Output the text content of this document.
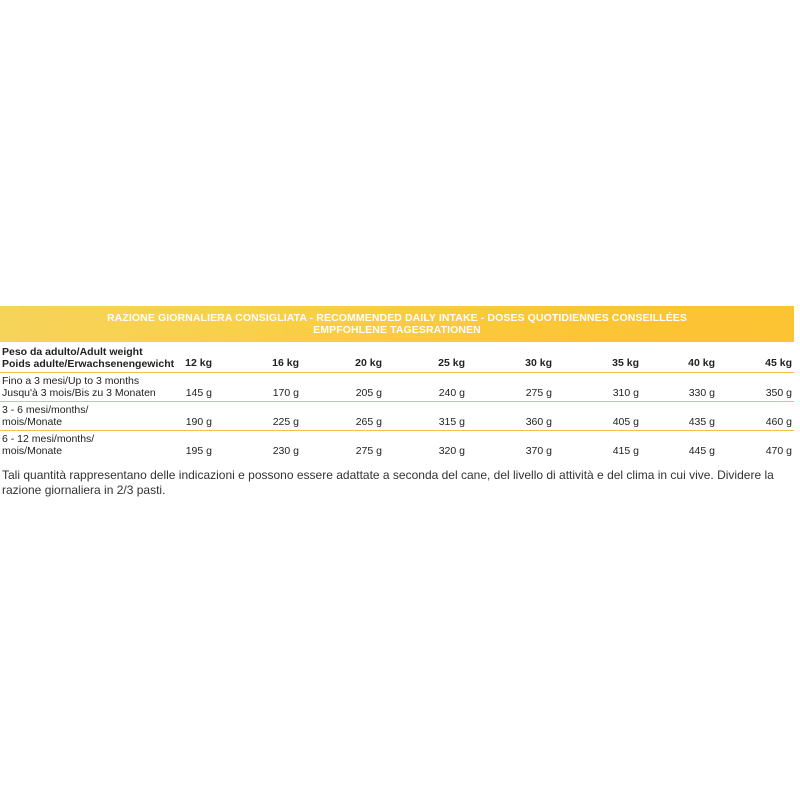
RAZIONE GIORNALIERA CONSIGLIATA - RECOMMENDED DAILY INTAKE - DOSES QUOTIDIENNES CONSEILLÉES
EMPFOHLENE TAGESRATIONEN
Peso da adulto/Adult weight
Poids adulte/Erwachsenengewicht	12 kg	16 kg	20 kg	25 kg	30 kg	35 kg	40 kg	45 kg

Fino a 3 mesi/Up to 3 months
Jusqu'à 3 mois/Bis zu 3 Monaten	145 g	170 g	205 g	240 g	275 g	310 g	330 g	350 g

3 - 6 mesi/months/
mois/Monate	190 g	225 g	265 g	315 g	360 g	405 g	435 g	460 g

6 - 12 mesi/months/
mois/Monate	195 g	230 g	275 g	320 g	370 g	415 g	445 g	470 g

Tali quantità rappresentano delle indicazioni e possono essere adattate a seconda del cane, del livello di attività e del clima in cui vive. Dividere la razione giornaliera in 2/3 pasti.
